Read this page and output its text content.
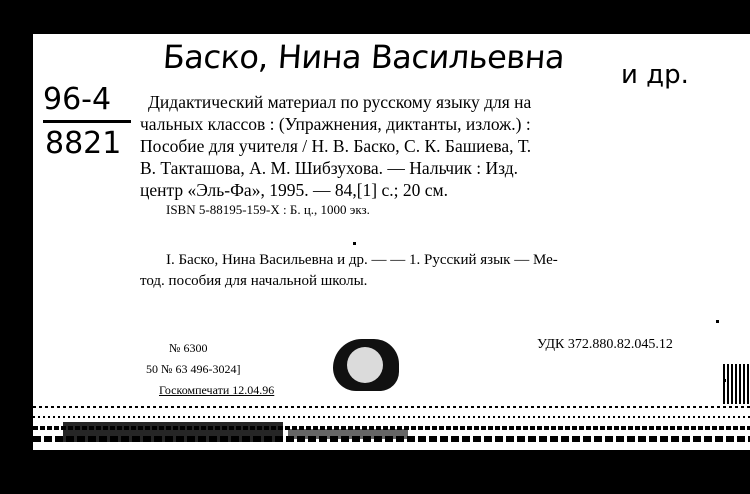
Баско, Нина Васильевна и др.
96-4
8821
Дидактический материал по русскому языку для на
чальных классов : (Упражнения, диктанты, излож.) :
Пособие для учителя / Н. В. Баско, С. К. Башиева, Т.
В. Такташова, А. М. Шибзухова. — Нальчик : Изд.
центр «Эль-Фа», 1995. — 84,[1] с.; 20 см.
ISBN 5-88195-159-X : Б. ц., 1000 экз.
I. Баско, Нина Васильевна и др. — — 1. Русский язык — Ме-
тод. пособия для начальной школы.
УДК 372.880.82.045.12
№ 6300
50 № 63 496-3024]
Госкомпечати 12.04.96
